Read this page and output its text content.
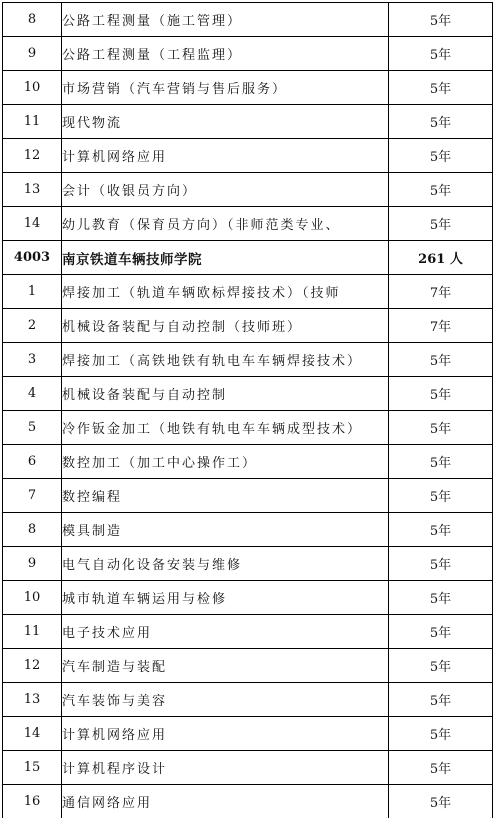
8	公路工程测量（施工管理）	5年
9	公路工程测量（工程监理）	5年
10	市场营销（汽车营销与售后服务）	5年
11	现代物流	5年
12	计算机网络应用	5年
13	会计（收银员方向）	5年
14	幼儿教育（保育员方向）（非师范类专业、	5年
4003	南京铁道车辆技师学院	261 人
1	焊接加工（轨道车辆欧标焊接技术）（技师	7年
2	机械设备装配与自动控制（技师班）	7年
3	焊接加工（高铁地铁有轨电车车辆焊接技术）	5年
4	机械设备装配与自动控制	5年
5	冷作钣金加工（地铁有轨电车车辆成型技术）	5年
6	数控加工（加工中心操作工）	5年
7	数控编程	5年
8	模具制造	5年
9	电气自动化设备安装与维修	5年
10	城市轨道车辆运用与检修	5年
11	电子技术应用	5年
12	汽车制造与装配	5年
13	汽车装饰与美容	5年
14	计算机网络应用	5年
15	计算机程序设计	5年
16	通信网络应用	5年
